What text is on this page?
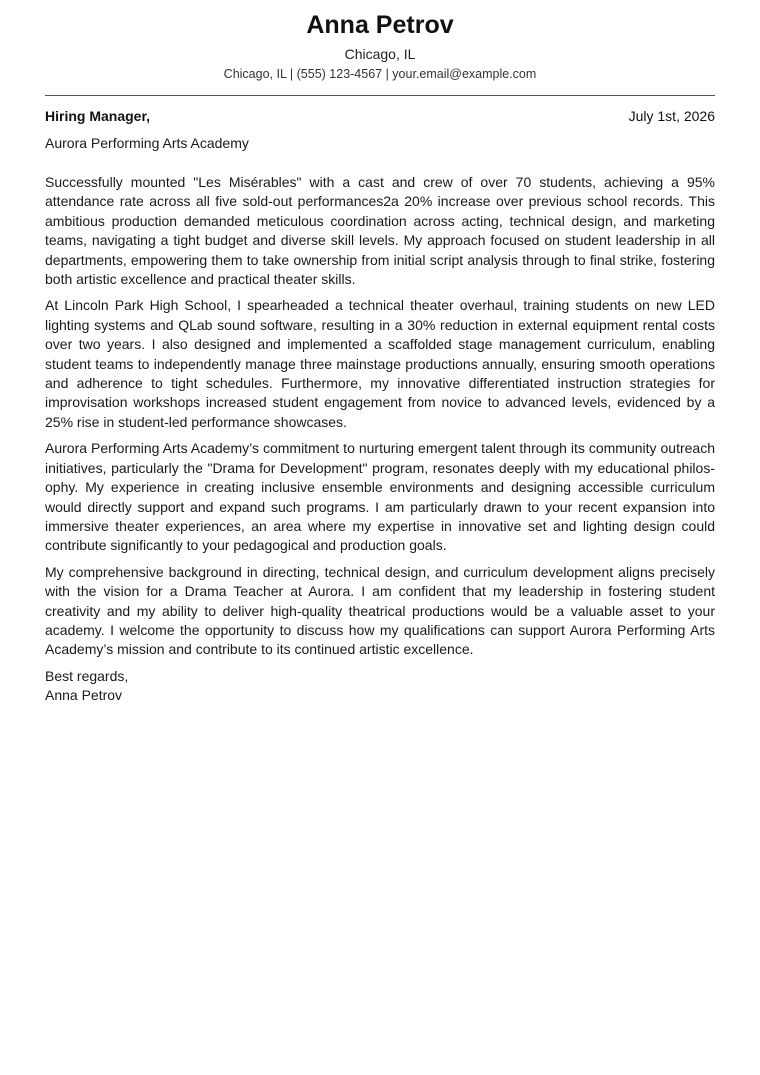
Anna Petrov
Chicago, IL
Chicago, IL | (555) 123-4567 | your.email@example.com
Hiring Manager,	July 1st, 2026
Aurora Performing Arts Academy

Successfully mounted "Les Misérables" with a cast and crew of over 70 students, achieving a 95% attendance rate across all five sold-out performances2a 20% increase over previous school records. This ambitious production demanded meticulous coordination across acting, technical design, and marketing teams, navigating a tight budget and diverse skill levels. My approach focused on student leadership in all departments, empowering them to take ownership from initial script analysis through to final strike, fostering both artistic excellence and practical theater skills.

At Lincoln Park High School, I spearheaded a technical theater overhaul, training students on new LED lighting systems and QLab sound software, resulting in a 30% reduction in external equipment rental costs over two years. I also designed and implemented a scaffolded stage management curriculum, enabling student teams to independently manage three mainstage productions annually, ensuring smooth operations and adherence to tight schedules. Furthermore, my innovative differentiated instruction strategies for improvisation workshops increased student engagement from novice to advanced levels, evidenced by a 25% rise in student-led performance showcases.

Aurora Performing Arts Academy’s commitment to nurturing emergent talent through its community outreach initiatives, particularly the "Drama for Development" program, resonates deeply with my educational philosophy. My experience in creating inclusive ensemble environments and designing accessible curriculum would directly support and expand such programs. I am particularly drawn to your recent expansion into immersive theater experiences, an area where my expertise in innovative set and lighting design could contribute significantly to your pedagogical and production goals.

My comprehensive background in directing, technical design, and curriculum development aligns precisely with the vision for a Drama Teacher at Aurora. I am confident that my leadership in fostering student creativity and my ability to deliver high-quality theatrical productions would be a valuable asset to your academy. I welcome the opportunity to discuss how my qualifications can support Aurora Performing Arts Academy’s mission and contribute to its continued artistic excellence.

Best regards,
Anna Petrov
